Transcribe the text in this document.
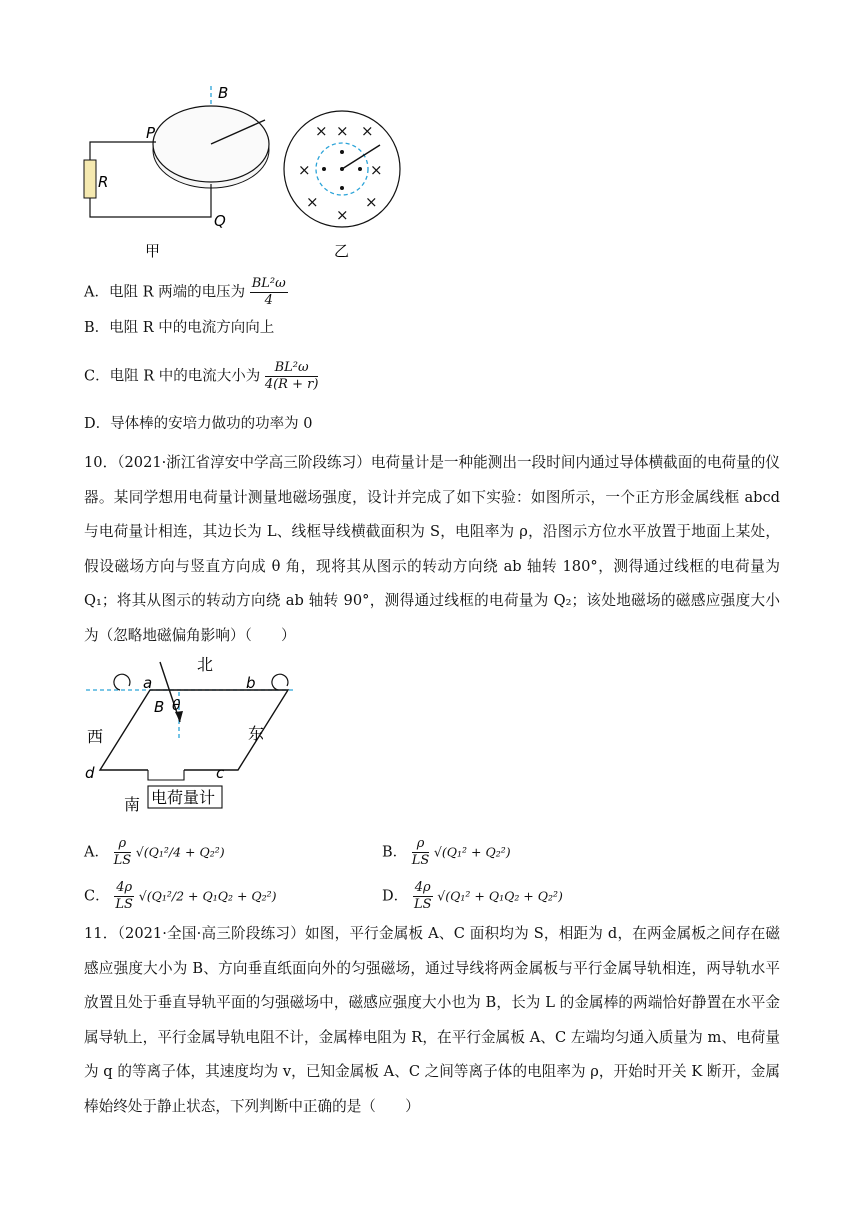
B
P
R
Q
甲
× × ×
×	×
×
×
×
乙
A．电阻 R 两端的电压为 $\frac{\text{BL²ω}}{4}$
B．电阻 R 中的电流方向向上
C．电阻 R 中的电流大小为 $\frac{\text{BL²ω}}{4(R + r)}$
D．导体棒的安培力做功的功率为 0
10．（2021·浙江省淳安中学高三阶段练习）电荷量计是一种能测出一段时间内通过导体横截面的电荷量的仪器。某同学想用电荷量计测量地磁场强度，设计并完成了如下实验：如图所示，一个正方形金属线框 abcd 与电荷量计相连，其边长为 L、线框导线横截面积为 S，电阻率为 ρ，沿图示方位水平放置于地面上某处，假设磁场方向与竖直方向成 θ 角，现将其从图示的转动方向绕 ab 轴转 180°，测得通过线框的电荷量为 Q₁；将其从图示的转动方向绕 ab 轴转 90°，测得通过线框的电荷量为 Q₂；该处地磁场的磁感应强度大小为（忽略地磁偏角影响）（　　）
北
a	b
B θ
西	东
d	c
南 电荷量计
A． $\frac{\rho}{LS} √(Q_1^2/4 + Q_2^2)$	B． $\frac{\rho}{LS} √(Q_1^2 + Q_2^2)$
C． $\frac{4\rho}{LS} √(Q_1^2/2 + Q_1Q_2 + Q_2^2)$	D． $\frac{4\rho}{LS} √(Q_1^2 + Q_1Q_2 + Q_2^2)$
11．（2021·全国·高三阶段练习）如图，平行金属板 A、C 面积均为 S，相距为 d，在两金属板之间存在磁感应强度大小为 B、方向垂直纸面向外的匀强磁场，通过导线将两金属板与平行金属导轨相连，两导轨水平放置且处于垂直导轨平面的匀强磁场中，磁感应强度大小也为 B，长为 L 的金属棒的两端恰好静置在水平金属导轨上，平行金属导轨电阻不计，金属棒电阻为 R，在平行金属板 A、C 左端均匀通入质量为 m、电荷量为 q 的等离子体，其速度均为 v，已知金属板 A、C 之间等离子体的电阻率为 ρ，开始时开关 K 断开，金属棒始终处于静止状态，下列判断中正确的是（　　）
